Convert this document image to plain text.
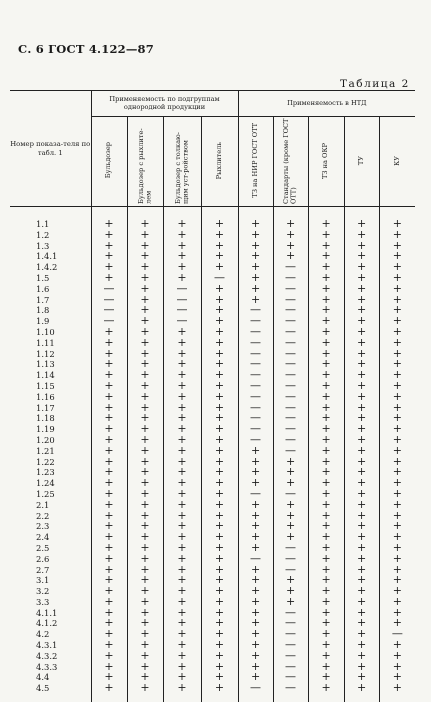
С. 6 ГОСТ 4.122—87
Таблица 2
Номер показа-теля по табл. 1	Применяемость по подгруппам однородной продукции				Применяемость в НТД				
	Бульдозер	Бульдозер с рыхлите-лем	Бульдозер с толкаю-щим уст-ройством	Рыхлитель	ТЗ на НИР ГОСТ ОТТ	Стандарты (кроме ГОСТ ОТТ)	ТЗ на ОКР	ТУ	КУ

1.1	+	+	+	+	+	+	+	+	+
1.2	+	+	+	+	+	+	+	+	+
1.3	+	+	+	+	+	+	+	+	+
1.4.1	+	+	+	+	+	+	+	+	+
1.4.2	+	+	+	+	+	—	+	+	+
1.5	+	+	+	—	+	—	+	+	+
1.6	—	+	—	+	+	—	+	+	+
1.7	—	+	—	+	+	—	+	+	+
1.8	—	+	—	+	—	—	+	+	+
1.9	—	+	—	+	—	—	+	+	+
1.10	+	+	+	+	—	—	+	+	+
1.11	+	+	+	+	—	—	+	+	+
1.12	+	+	+	+	—	—	+	+	+
1.13	+	+	+	+	—	—	+	+	+
1.14	+	+	+	+	—	—	+	+	+
1.15	+	+	+	+	—	—	+	+	+
1.16	+	+	+	+	—	—	+	+	+
1.17	+	+	+	+	—	—	+	+	+
1.18	+	+	+	+	—	—	+	+	+
1.19	+	+	+	+	—	—	+	+	+
1.20	+	+	+	+	—	—	+	+	+
1.21	+	+	+	+	+	—	+	+	+
1.22	+	+	+	+	+	+	+	+	+
1.23	+	+	+	+	+	+	+	+	+
1.24	+	+	+	+	+	+	+	+	+
1.25	+	+	+	+	—	—	+	+	+
2.1	+	+	+	+	+	+	+	+	+
2.2	+	+	+	+	+	+	+	+	+
2.3	+	+	+	+	+	+	+	+	+
2.4	+	+	+	+	+	+	+	+	+
2.5	+	+	+	+	+	—	+	+	+
2.6	+	+	+	+	—	—	+	+	+
2.7	+	+	+	+	+	—	+	+	+
3.1	+	+	+	+	+	+	+	+	+
3.2	+	+	+	+	+	+	+	+	+
3.3	+	+	+	+	+	+	+	+	+
4.1.1	+	+	+	+	+	—	+	+	+
4.1.2	+	+	+	+	+	—	+	+	+
4.2	+	+	+	+	+	—	+	+	—
4.3.1	+	+	+	+	+	—	+	+	+
4.3.2	+	+	+	+	+	—	+	+	+
4.3.3	+	+	+	+	+	—	+	+	+
4.4	+	+	+	+	+	—	+	+	+
4.5	+	+	+	+	—	—	+	+	+
